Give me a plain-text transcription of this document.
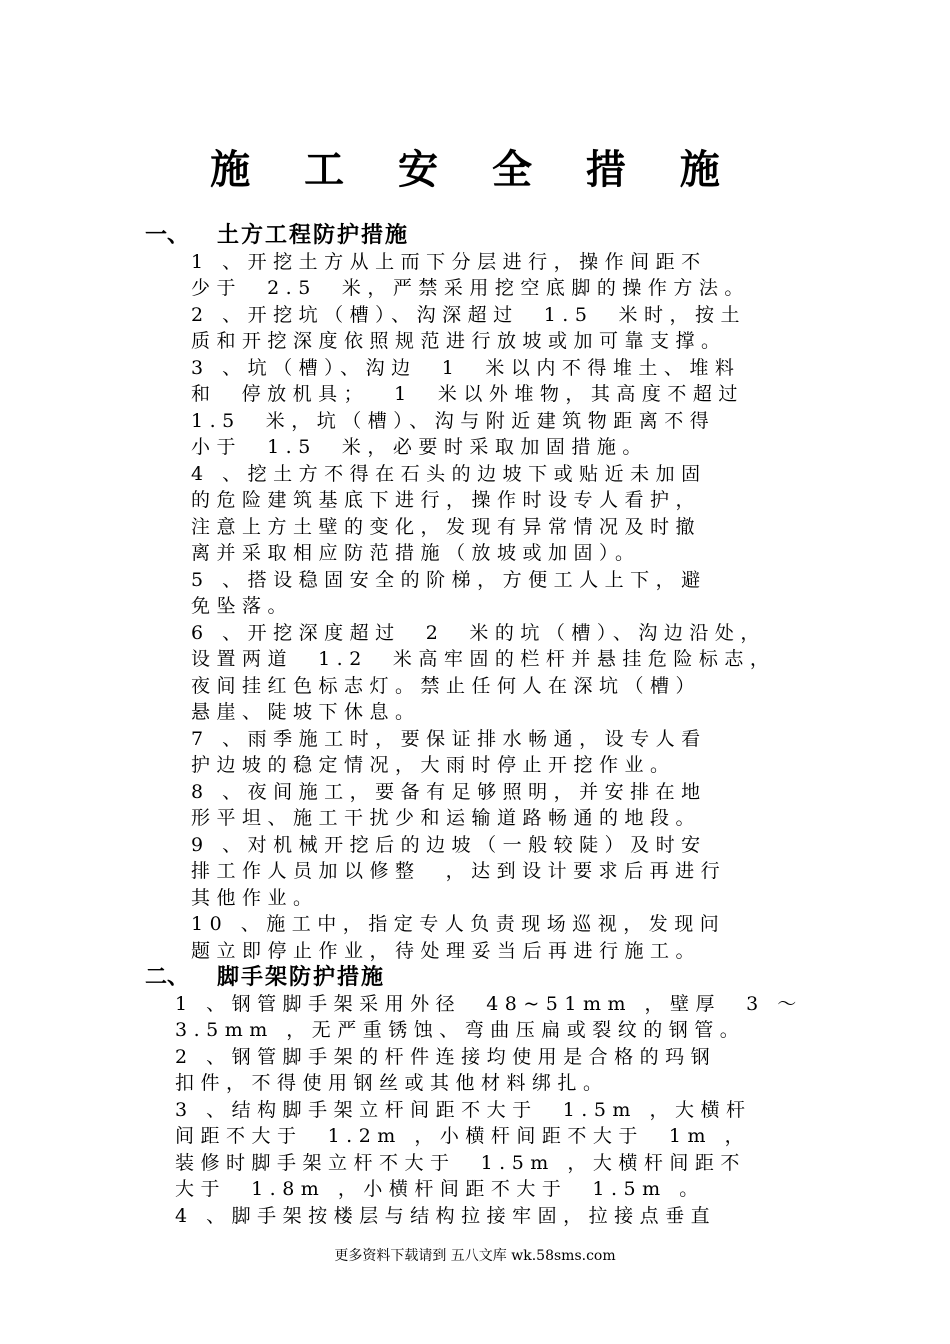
施 工 安 全 措 施
一、 土方工程防护措施
1 、开挖土方从上而下分层进行，操作间距不
少于  2.5  米，严禁采用挖空底脚的操作方法。
2 、开挖坑（槽）、沟深超过  1.5  米时，按土
质和开挖深度依照规范进行放坡或加可靠支撑。
3 、坑（槽）、沟边  1  米以内不得堆土、堆料
和  停放机具；  1  米以外堆物，其高度不超过
1.5  米，坑（槽）、沟与附近建筑物距离不得
小于  1.5  米，必要时采取加固措施。
4 、挖土方不得在石头的边坡下或贴近未加固
的危险建筑基底下进行，操作时设专人看护，
注意上方土壁的变化，发现有异常情况及时撤
离并采取相应防范措施（放坡或加固）。
5 、搭设稳固安全的阶梯，方便工人上下，避
免坠落。
6 、开挖深度超过  2  米的坑（槽）、沟边沿处，
设置两道  1.2  米高牢固的栏杆并悬挂危险标志，
夜间挂红色标志灯。禁止任何人在深坑（槽）
悬崖、陡坡下休息。
7 、雨季施工时，要保证排水畅通，设专人看
护边坡的稳定情况，大雨时停止开挖作业。
8 、夜间施工，要备有足够照明，并安排在地
形平坦、施工干扰少和运输道路畅通的地段。
9 、对机械开挖后的边坡（一般较陡）及时安
排工作人员加以修整  ，达到设计要求后再进行
其他作业。
10 、施工中，指定专人负责现场巡视，发现问
题立即停止作业，待处理妥当后再进行施工。
二、 脚手架防护措施
1 、钢管脚手架采用外径  48~51mm ，壁厚  3 ～
3.5mm ，无严重锈蚀、弯曲压扁或裂纹的钢管。
2 、钢管脚手架的杆件连接均使用是合格的玛钢
扣件，不得使用钢丝或其他材料绑扎。
3 、结构脚手架立杆间距不大于  1.5m ，大横杆
间距不大于  1.2m ，小横杆间距不大于  1m ，
装修时脚手架立杆不大于  1.5m ，大横杆间距不
大于  1.8m ，小横杆间距不大于  1.5m 。
4 、脚手架按楼层与结构拉接牢固，拉接点垂直
更多资料下载请到 五八文库 wk.58sms.com
